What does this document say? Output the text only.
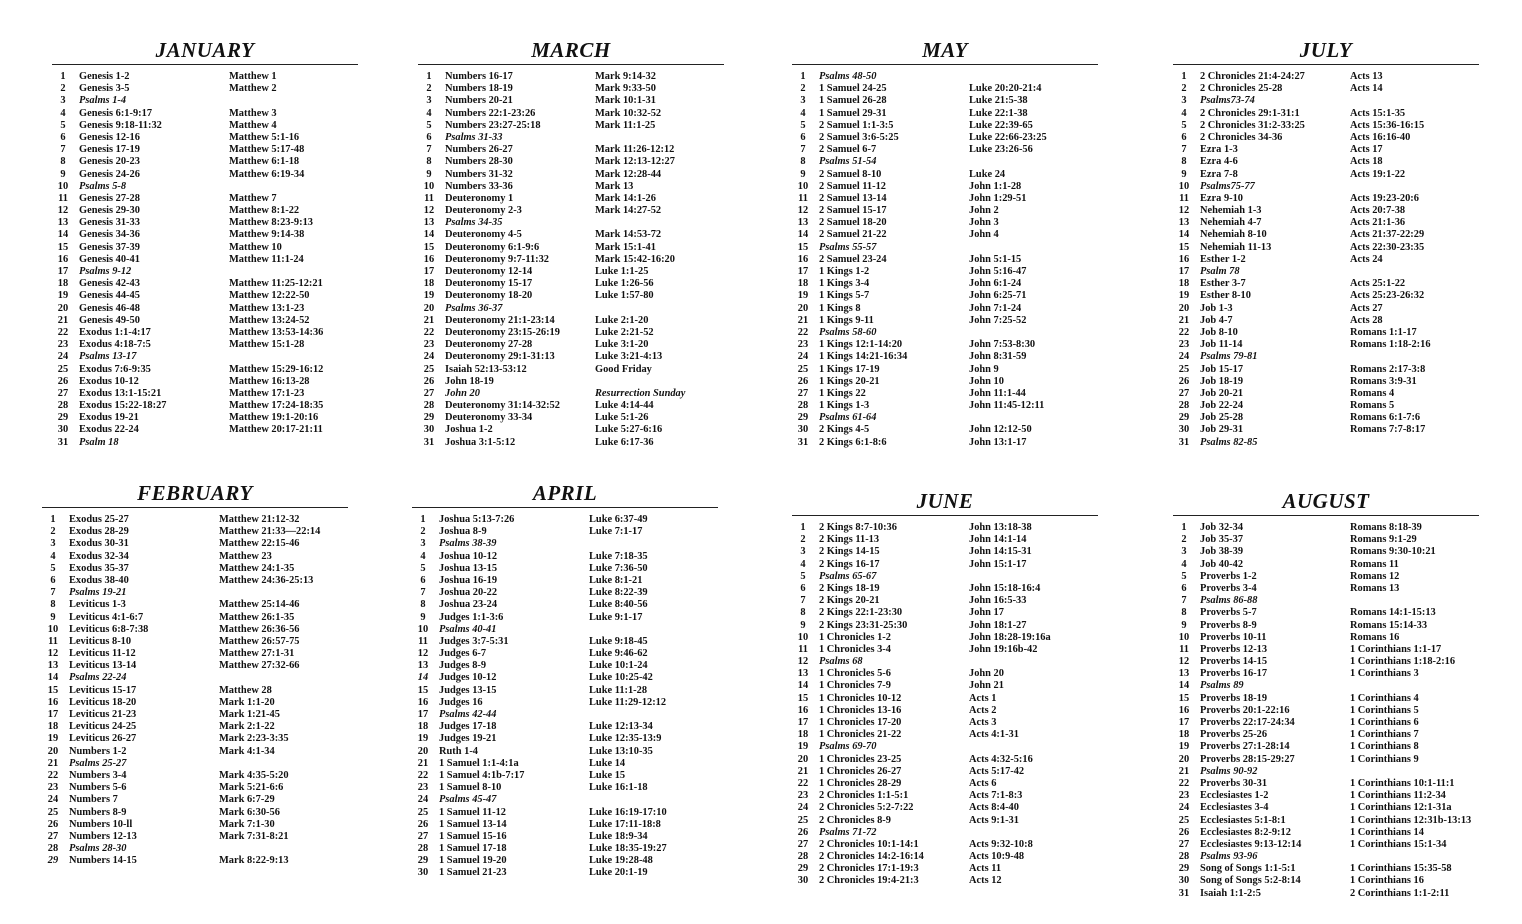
JANUARY
1	Genesis 1-2	Matthew 1
2	Genesis 3-5	Matthew 2
3	Psalms 1-4
4	Genesis 6:1-9:17	Matthew 3
5	Genesis 9:18-11:32	Matthew 4
6	Genesis 12-16	Matthew 5:1-16
7	Genesis 17-19	Matthew 5:17-48
8	Genesis 20-23	Matthew 6:1-18
9	Genesis 24-26	Matthew 6:19-34
10	Psalms 5-8
11	Genesis 27-28	Matthew 7
12	Genesis 29-30	Matthew 8:1-22
13	Genesis 31-33	Matthew 8:23-9:13
14	Genesis 34-36	Matthew 9:14-38
15	Genesis 37-39	Matthew 10
16	Genesis 40-41	Matthew 11:1-24
17	Psalms 9-12
18	Genesis 42-43	Matthew 11:25-12:21
19	Genesis 44-45	Matthew 12:22-50
20	Genesis 46-48	Matthew 13:1-23
21	Genesis 49-50	Matthew 13:24-52
22	Exodus 1:1-4:17	Matthew 13:53-14:36
23	Exodus 4:18-7:5	Matthew 15:1-28
24	Psalms 13-17
25	Exodus 7:6-9:35	Matthew 15:29-16:12
26	Exodus 10-12	Matthew 16:13-28
27	Exodus 13:1-15:21	Matthew 17:1-23
28	Exodus 15:22-18:27	Matthew 17:24-18:35
29	Exodus 19-21	Matthew 19:1-20:16
30	Exodus 22-24	Matthew 20:17-21:11
31	Psalm 18
MARCH
1	Numbers 16-17	Mark 9:14-32
2	Numbers 18-19	Mark 9:33-50
3	Numbers 20-21	Mark 10:1-31
4	Numbers 22:1-23:26	Mark 10:32-52
5	Numbers 23:27-25:18	Mark 11:1-25
6	Psalms 31-33
7	Numbers 26-27	Mark 11:26-12:12
8	Numbers 28-30	Mark 12:13-12:27
9	Numbers 31-32	Mark 12:28-44
10	Numbers 33-36	Mark 13
11	Deuteronomy 1	Mark 14:1-26
12	Deuteronomy 2-3	Mark 14:27-52
13	Psalms 34-35
14	Deuteronomy 4-5	Mark 14:53-72
15	Deuteronomy 6:1-9:6	Mark 15:1-41
16	Deuteronomy 9:7-11:32	Mark 15:42-16:20
17	Deuteronomy 12-14	Luke 1:1-25
18	Deuteronomy 15-17	Luke 1:26-56
19	Deuteronomy 18-20	Luke 1:57-80
20	Psalms 36-37
21	Deuteronomy 21:1-23:14	Luke 2:1-20
22	Deuteronomy 23:15-26:19	Luke 2:21-52
23	Deuteronomy 27-28	Luke 3:1-20
24	Deuteronomy 29:1-31:13	Luke 3:21-4:13
25	Isaiah 52:13-53:12	Good Friday
26	John 18-19
27	John 20	Resurrection Sunday
28	Deuteronomy 31:14-32:52	Luke 4:14-44
29	Deuteronomy 33-34	Luke 5:1-26
30	Joshua 1-2	Luke 5:27-6:16
31	Joshua 3:1-5:12	Luke 6:17-36
MAY
1	Psalms 48-50
2	1 Samuel 24-25	Luke 20:20-21:4
3	1 Samuel 26-28	Luke 21:5-38
4	1 Samuel 29-31	Luke 22:1-38
5	2 Samuel 1:1-3:5	Luke 22:39-65
6	2 Samuel 3:6-5:25	Luke 22:66-23:25
7	2 Samuel 6-7	Luke 23:26-56
8	Psalms 51-54
9	2 Samuel 8-10	Luke 24
10	2 Samuel 11-12	John 1:1-28
11	2 Samuel 13-14	John 1:29-51
12	2 Samuel 15-17	John 2
13	2 Samuel 18-20	John 3
14	2 Samuel 21-22	John 4
15	Psalms 55-57
16	2 Samuel 23-24	John 5:1-15
17	1 Kings 1-2	John 5:16-47
18	1 Kings 3-4	John 6:1-24
19	1 Kings 5-7	John 6:25-71
20	1 Kings 8	John 7:1-24
21	1 Kings 9-11	John 7:25-52
22	Psalms 58-60
23	1 Kings 12:1-14:20	John 7:53-8:30
24	1 Kings 14:21-16:34	John 8:31-59
25	1 Kings 17-19	John 9
26	1 Kings 20-21	John 10
27	1 Kings 22	John 11:1-44
28	1 Kings 1-3	John 11:45-12:11
29	Psalms 61-64
30	2 Kings 4-5	John 12:12-50
31	2 Kings 6:1-8:6	John 13:1-17
JULY
1	2 Chronicles 21:4-24:27	Acts 13
2	2 Chronicles 25-28	Acts 14
3	Psalms73-74
4	2 Chronicles 29:1-31:1	Acts 15:1-35
5	2 Chronicles 31:2-33:25	Acts 15:36-16:15
6	2 Chronicles 34-36	Acts 16:16-40
7	Ezra 1-3	Acts 17
8	Ezra 4-6	Acts 18
9	Ezra 7-8	Acts 19:1-22
10	Psalms75-77
11	Ezra 9-10	Acts 19:23-20:6
12	Nehemiah 1-3	Acts 20:7-38
13	Nehemiah 4-7	Acts 21:1-36
14	Nehemiah 8-10	Acts 21:37-22:29
15	Nehemiah 11-13	Acts 22:30-23:35
16	Esther 1-2	Acts 24
17	Psalm 78
18	Esther 3-7	Acts 25:1-22
19	Esther 8-10	Acts 25:23-26:32
20	Job 1-3	Acts 27
21	Job 4-7	Acts 28
22	Job 8-10	Romans 1:1-17
23	Job 11-14	Romans 1:18-2:16
24	Psalms 79-81
25	Job 15-17	Romans 2:17-3:8
26	Job 18-19	Romans 3:9-31
27	Job 20-21	Romans 4
28	Job 22-24	Romans 5
29	Job 25-28	Romans 6:1-7:6
30	Job 29-31	Romans 7:7-8:17
31	Psalms 82-85
FEBRUARY
1	Exodus 25-27	Matthew 21:12-32
2	Exodus 28-29	Matthew 21:33—22:14
3	Exodus 30-31	Matthew 22:15-46
4	Exodus 32-34	Matthew 23
5	Exodus 35-37	Matthew 24:1-35
6	Exodus 38-40	Matthew 24:36-25:13
7	Psalms 19-21
8	Leviticus 1-3	Matthew 25:14-46
9	Leviticus 4:1-6:7	Matthew 26:1-35
10	Leviticus 6:8-7:38	Matthew 26:36-56
11	Leviticus 8-10	Matthew 26:57-75
12	Leviticus 11-12	Matthew 27:1-31
13	Leviticus 13-14	Matthew 27:32-66
14	Psalms 22-24
15	Leviticus 15-17	Matthew 28
16	Leviticus 18-20	Mark 1:1-20
17	Leviticus 21-23	Mark 1:21-45
18	Leviticus 24-25	Mark 2:1-22
19	Leviticus 26-27	Mark 2:23-3:35
20	Numbers 1-2	Mark 4:1-34
21	Psalms 25-27
22	Numbers 3-4	Mark 4:35-5:20
23	Numbers 5-6	Mark 5:21-6:6
24	Numbers 7	Mark 6:7-29
25	Numbers 8-9	Mark 6:30-56
26	Numbers 10-ll	Mark 7:1-30
27	Numbers 12-13	Mark 7:31-8:21
28	Psalms 28-30
29	Numbers 14-15	Mark 8:22-9:13
APRIL
1	Joshua 5:13-7:26	Luke 6:37-49
2	Joshua 8-9	Luke 7:1-17
3	Psalms 38-39
4	Joshua 10-12	Luke 7:18-35
5	Joshua 13-15	Luke 7:36-50
6	Joshua 16-19	Luke 8:1-21
7	Joshua 20-22	Luke 8:22-39
8	Joshua 23-24	Luke 8:40-56
9	Judges 1:1-3:6	Luke 9:1-17
10	Psalms 40-41
11	Judges 3:7-5:31	Luke 9:18-45
12	Judges 6-7	Luke 9:46-62
13	Judges 8-9	Luke 10:1-24
14	Judges 10-12	Luke 10:25-42
15	Judges 13-15	Luke 11:1-28
16	Judges 16	Luke 11:29-12:12
17	Psalms 42-44
18	Judges 17-18	Luke 12:13-34
19	Judges 19-21	Luke 12:35-13:9
20	Ruth 1-4	Luke 13:10-35
21	1 Samuel 1:1-4:1a	Luke 14
22	1 Samuel 4:1b-7:17	Luke 15
23	1 Samuel 8-10	Luke 16:1-18
24	Psalms 45-47
25	1 Samuel 11-12	Luke 16:19-17:10
26	1 Samuel 13-14	Luke 17:11-18:8
27	1 Samuel 15-16	Luke 18:9-34
28	1 Samuel 17-18	Luke 18:35-19:27
29	1 Samuel 19-20	Luke 19:28-48
30	1 Samuel 21-23	Luke 20:1-19
JUNE
1	2 Kings 8:7-10:36	John 13:18-38
2	2 Kings 11-13	John 14:1-14
3	2 Kings 14-15	John 14:15-31
4	2 Kings 16-17	John 15:1-17
5	Psalms 65-67
6	2 Kings 18-19	John 15:18-16:4
7	2 Kings 20-21	John 16:5-33
8	2 Kings 22:1-23:30	John 17
9	2 Kings 23:31-25:30	John 18:1-27
10	1 Chronicles 1-2	John 18:28-19:16a
11	1 Chronicles 3-4	John 19:16b-42
12	Psalms 68
13	1 Chronicles 5-6	John 20
14	1 Chronicles 7-9	John 21
15	1 Chronicles 10-12	Acts 1
16	1 Chronicles 13-16	Acts 2
17	1 Chronicles 17-20	Acts 3
18	1 Chronicles 21-22	Acts 4:1-31
19	Psalms 69-70
20	1 Chronicles 23-25	Acts 4:32-5:16
21	1 Chronicles 26-27	Acts 5:17-42
22	1 Chronicles 28-29	Acts 6
23	2 Chronicles 1:1-5:1	Acts 7:1-8:3
24	2 Chronicles 5:2-7:22	Acts 8:4-40
25	2 Chronicles 8-9	Acts 9:1-31
26	Psalms 71-72
27	2 Chronicles 10:1-14:1	Acts 9:32-10:8
28	2 Chronicles 14:2-16:14	Acts 10:9-48
29	2 Chronicles 17:1-19:3	Acts 11
30	2 Chronicles 19:4-21:3	Acts 12
AUGUST
1	Job 32-34	Romans 8:18-39
2	Job 35-37	Romans 9:1-29
3	Job 38-39	Romans 9:30-10:21
4	Job 40-42	Romans 11
5	Proverbs 1-2	Romans 12
6	Proverbs 3-4	Romans 13
7	Psalms 86-88
8	Proverbs 5-7	Romans 14:1-15:13
9	Proverbs 8-9	Romans 15:14-33
10	Proverbs 10-11	Romans 16
11	Proverbs 12-13	1 Corinthians 1:1-17
12	Proverbs 14-15	1 Corinthians 1:18-2:16
13	Proverbs 16-17	1 Corinthians 3
14	Psalms 89
15	Proverbs 18-19	1 Corinthians 4
16	Proverbs 20:1-22:16	1 Corinthians 5
17	Proverbs 22:17-24:34	1 Corinthians 6
18	Proverbs 25-26	1 Corinthians 7
19	Proverbs 27:1-28:14	1 Corinthians 8
20	Proverbs 28:15-29:27	1 Corinthians 9
21	Psalms 90-92
22	Proverbs 30-31	1 Corinthians 10:1-11:1
23	Ecclesiastes 1-2	1 Corinthians 11:2-34
24	Ecclesiastes 3-4	1 Corinthians 12:1-31a
25	Ecclesiastes 5:1-8:1	1 Corinthians 12:31b-13:13
26	Ecclesiastes 8:2-9:12	1 Corinthians 14
27	Ecclesiastes 9:13-12:14	1 Corinthians 15:1-34
28	Psalms 93-96
29	Song of Songs 1:1-5:1	1 Corinthians 15:35-58
30	Song of Songs 5:2-8:14	1 Corinthians 16
31	Isaiah 1:1-2:5	2 Corinthians 1:1-2:11
